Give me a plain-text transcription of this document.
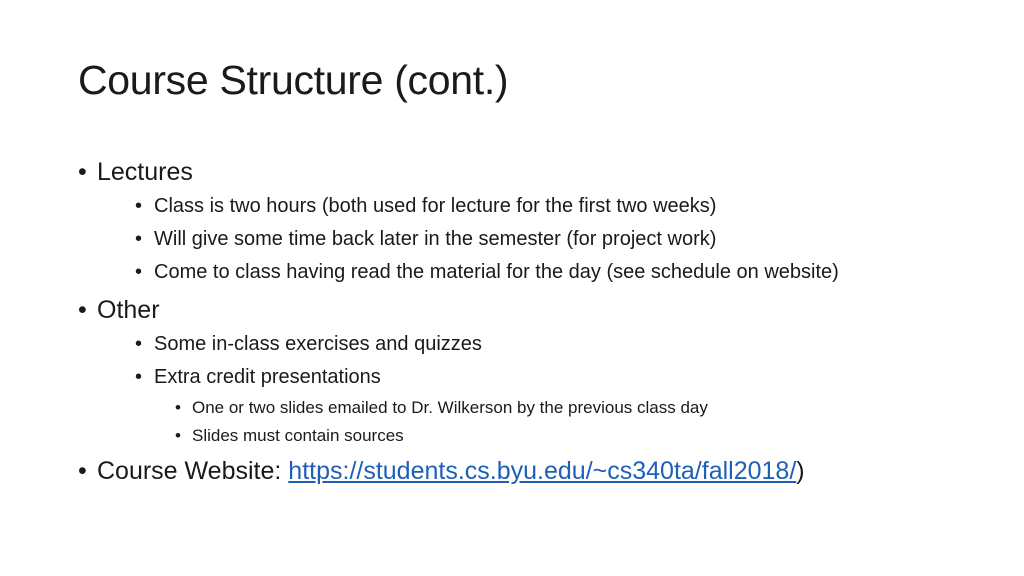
Course Structure (cont.)
• Lectures
• Class is two hours (both used for lecture for the first two weeks)
• Will give some time back later in the semester (for project work)
• Come to class having read the material for the day (see schedule on website)
• Other
• Some in-class exercises and quizzes
• Extra credit presentations
• One or two slides emailed to Dr. Wilkerson by the previous class day
• Slides must contain sources
• Course Website: https://students.cs.byu.edu/~cs340ta/fall2018/)
